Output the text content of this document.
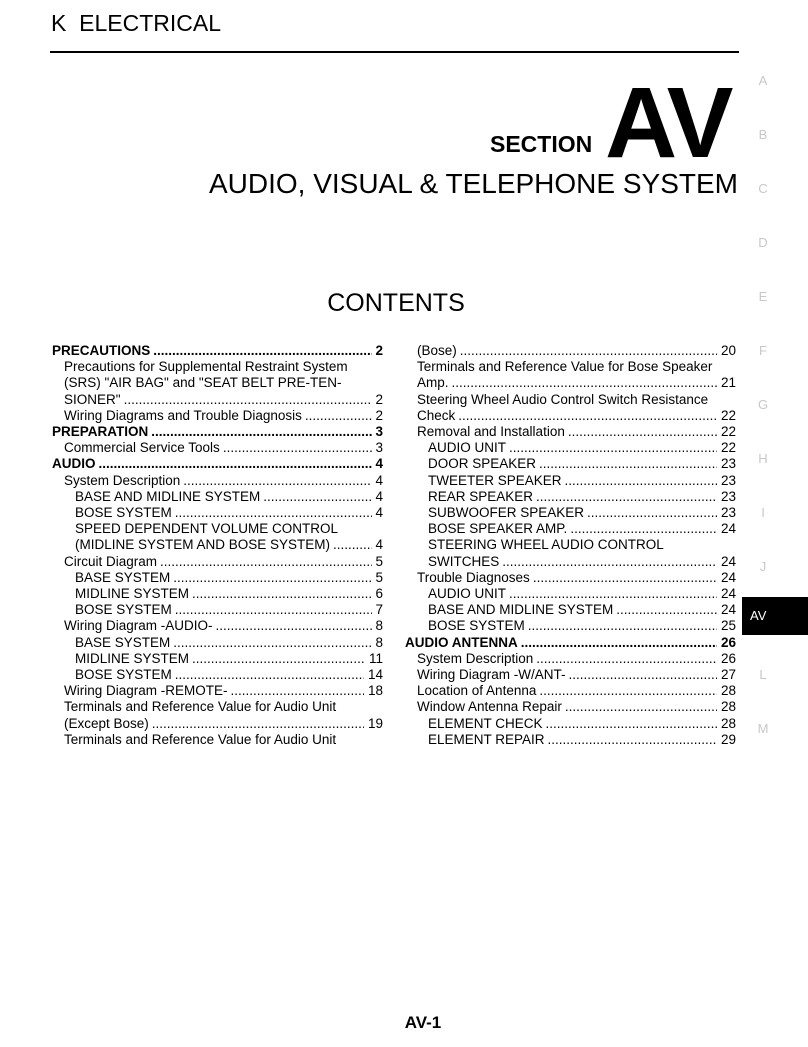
K  ELECTRICAL
SECTION AV
AUDIO, VISUAL & TELEPHONE SYSTEM
CONTENTS
PRECAUTIONS .....	2
Precautions for Supplemental Restraint System
(SRS) "AIR BAG" and "SEAT BELT PRE-TEN-
SIONER" .....	2
Wiring Diagrams and Trouble Diagnosis .....	2
PREPARATION .....	3
Commercial Service Tools .....	3
AUDIO .....	4
System Description .....	4
BASE AND MIDLINE SYSTEM .....	4
BOSE SYSTEM .....	4
SPEED DEPENDENT VOLUME CONTROL
(MIDLINE SYSTEM AND BOSE SYSTEM) .....	4
Circuit Diagram .....	5
BASE SYSTEM .....	5
MIDLINE SYSTEM .....	6
BOSE SYSTEM .....	7
Wiring Diagram -AUDIO- .....	8
BASE SYSTEM .....	8
MIDLINE SYSTEM .....	11
BOSE SYSTEM .....	14
Wiring Diagram -REMOTE- .....	18
Terminals and Reference Value for Audio Unit
(Except Bose) .....	19
Terminals and Reference Value for Audio Unit
(Bose) .....	20
Terminals and Reference Value for Bose Speaker
Amp. .....	21
Steering Wheel Audio Control Switch Resistance
Check .....	22
Removal and Installation .....	22
AUDIO UNIT .....	22
DOOR SPEAKER .....	23
TWEETER SPEAKER .....	23
REAR SPEAKER .....	23
SUBWOOFER SPEAKER .....	23
BOSE SPEAKER AMP. .....	24
STEERING WHEEL AUDIO CONTROL
SWITCHES .....	24
Trouble Diagnoses .....	24
AUDIO UNIT .....	24
BASE AND MIDLINE SYSTEM .....	24
BOSE SYSTEM .....	25
AUDIO ANTENNA .....	26
System Description .....	26
Wiring Diagram -W/ANT- .....	27
Location of Antenna .....	28
Window Antenna Repair .....	28
ELEMENT CHECK .....	28
ELEMENT REPAIR .....	29
A
B
C
D
E
F
G
H
I
J
AV
L
M
AV-1
